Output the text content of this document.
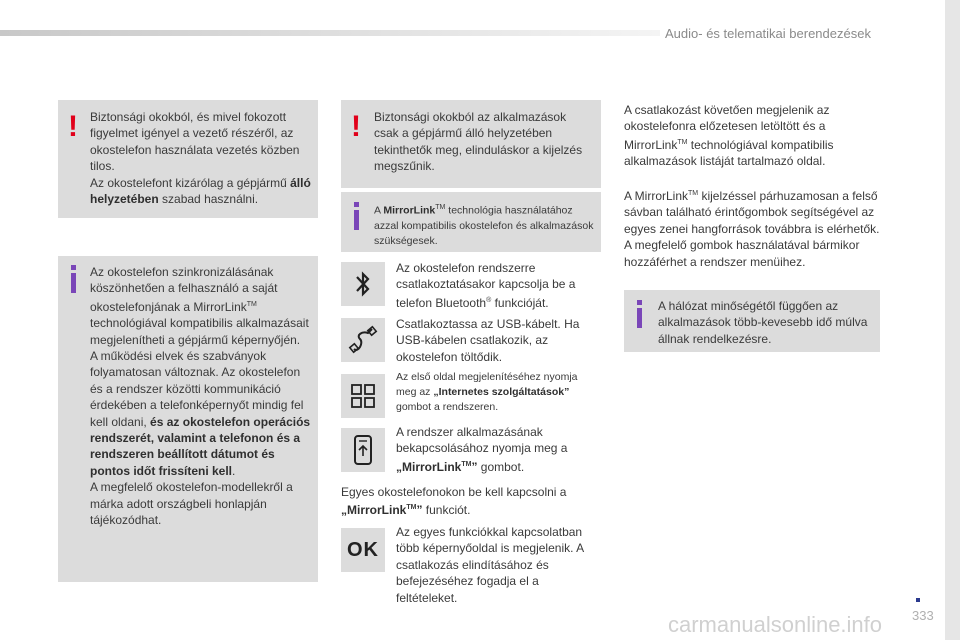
Audio- és telematikai berendezések
! Biztonsági okokból, és mivel fokozott figyelmet igényel a vezető részéről, az okostelefon használata vezetés közben tilos.
Az okostelefont kizárólag a gépjármű álló helyzetében szabad használni.
! Biztonsági okokból az alkalmazások csak a gépjármű álló helyzetében tekinthetők meg, elinduláskor a kijelzés megszűnik.
A MirrorLink™ technológia használatához azzal kompatibilis okostelefon és alkalmazások szükségesek.
Az okostelefon szinkronizálásának köszönhetően a felhasználó a saját okostelefonjának a MirrorLink™ technológiával kompatibilis alkalmazásait megjelenítheti a gépjármű képernyőjén.
A működési elvek és szabványok folyamatosan változnak. Az okostelefon és a rendszer közötti kommunikáció érdekében a telefonképernyőt mindig fel kell oldani, és az okostelefon operációs rendszerét, valamint a telefonon és a rendszeren beállított dátumot és pontos időt frissíteni kell.
A megfelelő okostelefon-modellekről a márka adott országbeli honlapján tájékozódhat.
Az okostelefon rendszerre csatlakoztatásakor kapcsolja be a telefon Bluetooth® funkcióját.
Csatlakoztassa az USB-kábelt. Ha USB-kábelen csatlakozik, az okostelefon töltődik.
Az első oldal megjelenítéséhez nyomja meg az „Internetes szolgáltatások” gombot a rendszeren.
A rendszer alkalmazásának bekapcsolásához nyomja meg a „MirrorLink™” gombot.
Egyes okostelefonokon be kell kapcsolni a „MirrorLink™” funkciót.
OK
Az egyes funkciókkal kapcsolatban több képernyőoldal is megjelenik. A csatlakozás elindításához és befejezéséhez fogadja el a feltételeket.
A csatlakozást követően megjelenik az okostelefonra előzetesen letöltött és a MirrorLink™ technológiával kompatibilis alkalmazások listáját tartalmazó oldal.

A MirrorLink™ kijelzéssel párhuzamosan a felső sávban található érintőgombok segítségével az egyes zenei hangforrások továbbra is elérhetők.
A megfelelő gombok használatával bármikor hozzáférhet a rendszer menüihez.
A hálózat minőségétől függően az alkalmazások több-kevesebb idő múlva állnak rendelkezésre.
333
carmanualsonline.info
